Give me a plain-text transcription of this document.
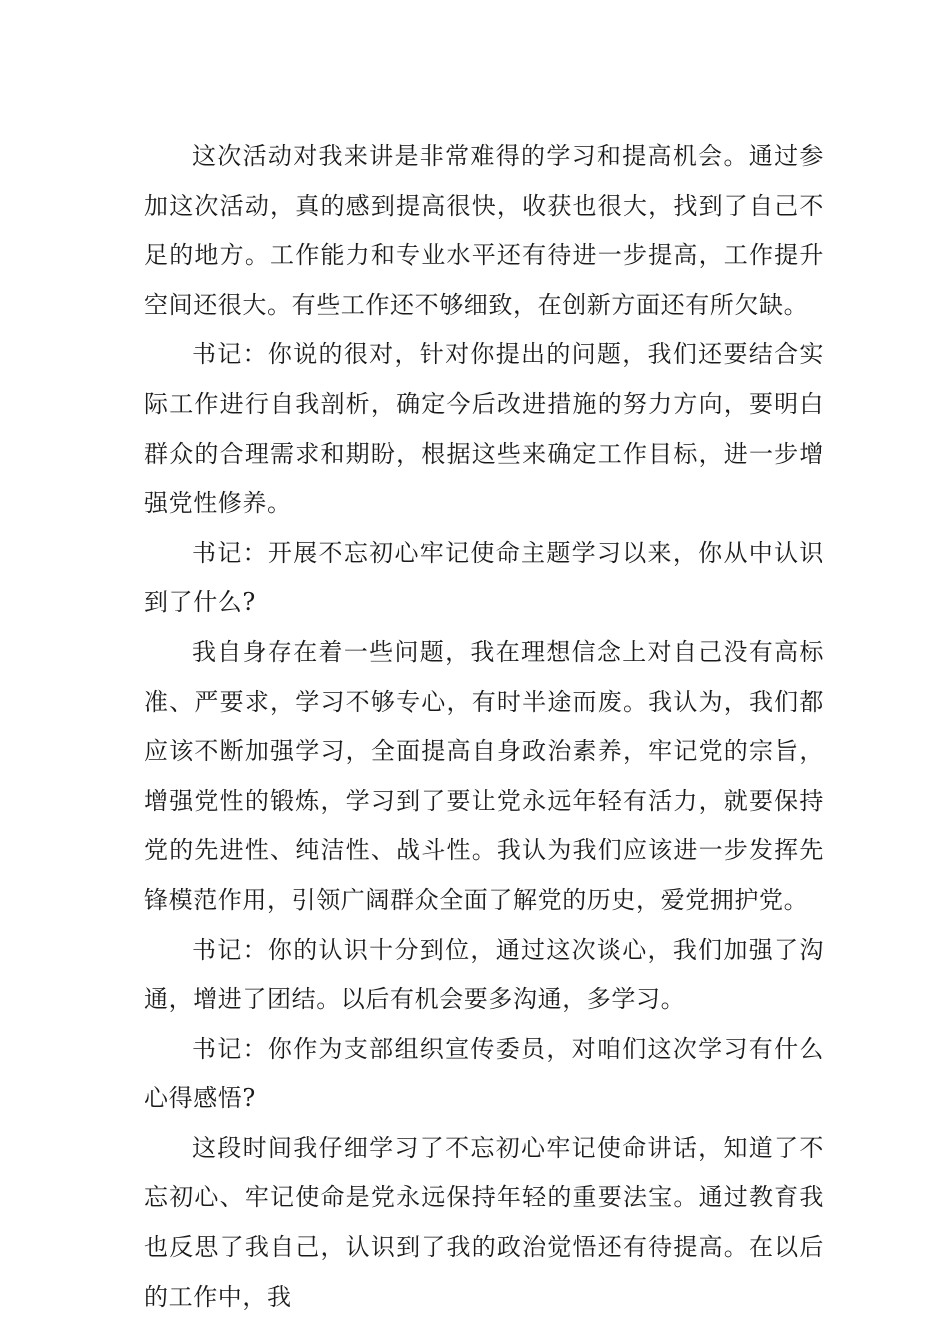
这次活动对我来讲是非常难得的学习和提高机会。通过参加这次活动，真的感到提高很快，收获也很大，找到了自己不足的地方。工作能力和专业水平还有待进一步提高，工作提升空间还很大。有些工作还不够细致，在创新方面还有所欠缺。

书记：你说的很对，针对你提出的问题，我们还要结合实际工作进行自我剖析，确定今后改进措施的努力方向，要明白群众的合理需求和期盼，根据这些来确定工作目标，进一步增强党性修养。

书记：开展不忘初心牢记使命主题学习以来，你从中认识到了什么?

我自身存在着一些问题，我在理想信念上对自己没有高标准、严要求，学习不够专心，有时半途而废。我认为，我们都应该不断加强学习，全面提高自身政治素养，牢记党的宗旨，增强党性的锻炼，学习到了要让党永远年轻有活力，就要保持党的先进性、纯洁性、战斗性。我认为我们应该进一步发挥先锋模范作用，引领广阔群众全面了解党的历史，爱党拥护党。

书记：你的认识十分到位，通过这次谈心，我们加强了沟通，增进了团结。以后有机会要多沟通，多学习。

书记：你作为支部组织宣传委员，对咱们这次学习有什么心得感悟?

这段时间我仔细学习了不忘初心牢记使命讲话，知道了不忘初心、牢记使命是党永远保持年轻的重要法宝。通过教育我也反思了我自己，认识到了我的政治觉悟还有待提高。在以后的工作中，我
